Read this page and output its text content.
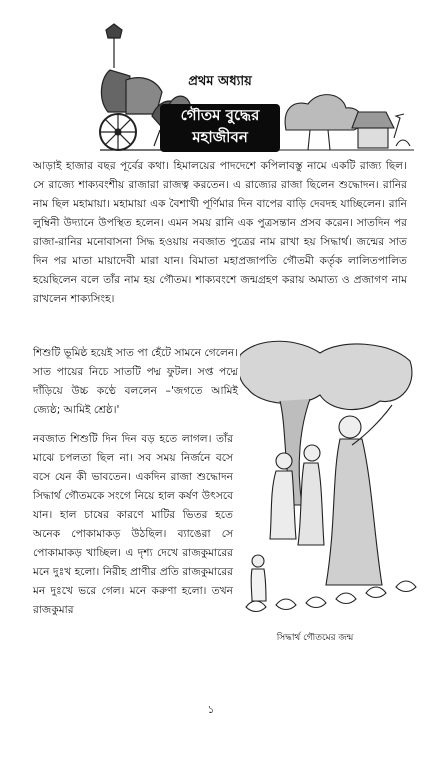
প্রথম অধ্যায়
গৌতম বুদ্ধের
মহাজীবন

আড়াই হাজার বছর পূর্বের কথা। হিমালয়ের পাদদেশে কপিলাবস্তু নামে একটি রাজ্য ছিল। সে রাজ্যে শাক্যবংশীয় রাজারা রাজত্ব করতেন। এ রাজ্যের রাজা ছিলেন শুদ্ধোদন। রানির নাম ছিল মহামায়া। মহামায়া এক বৈশাখী পূর্ণিমার দিন বাপের বাড়ি দেবদহ যাচ্ছিলেন। রানি লুম্বিনী উদ্যানে উপস্থিত হলেন। এমন সময় রানি এক পুত্রসন্তান প্রসব করেন। সাতদিন পর রাজা-রানির মনোবাসনা সিদ্ধ হওয়ায় নবজাত পুত্রের নাম রাখা হয় সিদ্ধার্থ। জন্মের সাত দিন পর মাতা মায়াদেবী মারা যান। বিমাতা মহাপ্রজাপতি গৌতমী কর্তৃক লালিতপালিত হয়েছিলেন বলে তাঁর নাম হয় গৌতম। শাক্যবংশে জন্মগ্রহণ করায় অমাত্য ও প্রজাগণ নাম রাখলেন শাক্যসিংহ।

শিশুটি ভূমিষ্ঠ হয়েই সাত পা হেঁটে সামনে গেলেন। সাত পায়ের নিচে সাতটি পদ্ম ফুটল। সপ্ত পদ্মে দাঁড়িয়ে উচ্চ কণ্ঠে বললেন –'জগতে আমিই জ্যেষ্ঠ; আমিই শ্রেষ্ঠ।'

নবজাত শিশুটি দিন দিন বড় হতে লাগল। তাঁর মাঝে চপলতা ছিল না। সব সময় নির্জনে বসে বসে যেন কী ভাবতেন। একদিন রাজা শুদ্ধোদন সিদ্ধার্থ গৌতমকে সংগে নিয়ে হাল কর্ষণ উৎসবে যান। হাল চাষের কারণে মাটির ভিতর হতে অনেক পোকামাকড় উঠছিল। ব্যাঙেরা সে পোকামাকড় খাচ্ছিল। এ দৃশ্য দেখে রাজকুমারের মনে দুঃখ হলো। নিরীহ প্রাণীর প্রতি রাজকুমারের মন দুঃখে ভরে গেল। মনে করুণা হলো। তখন রাজকুমার

সিদ্ধার্থ গৌতমের জন্ম
১
